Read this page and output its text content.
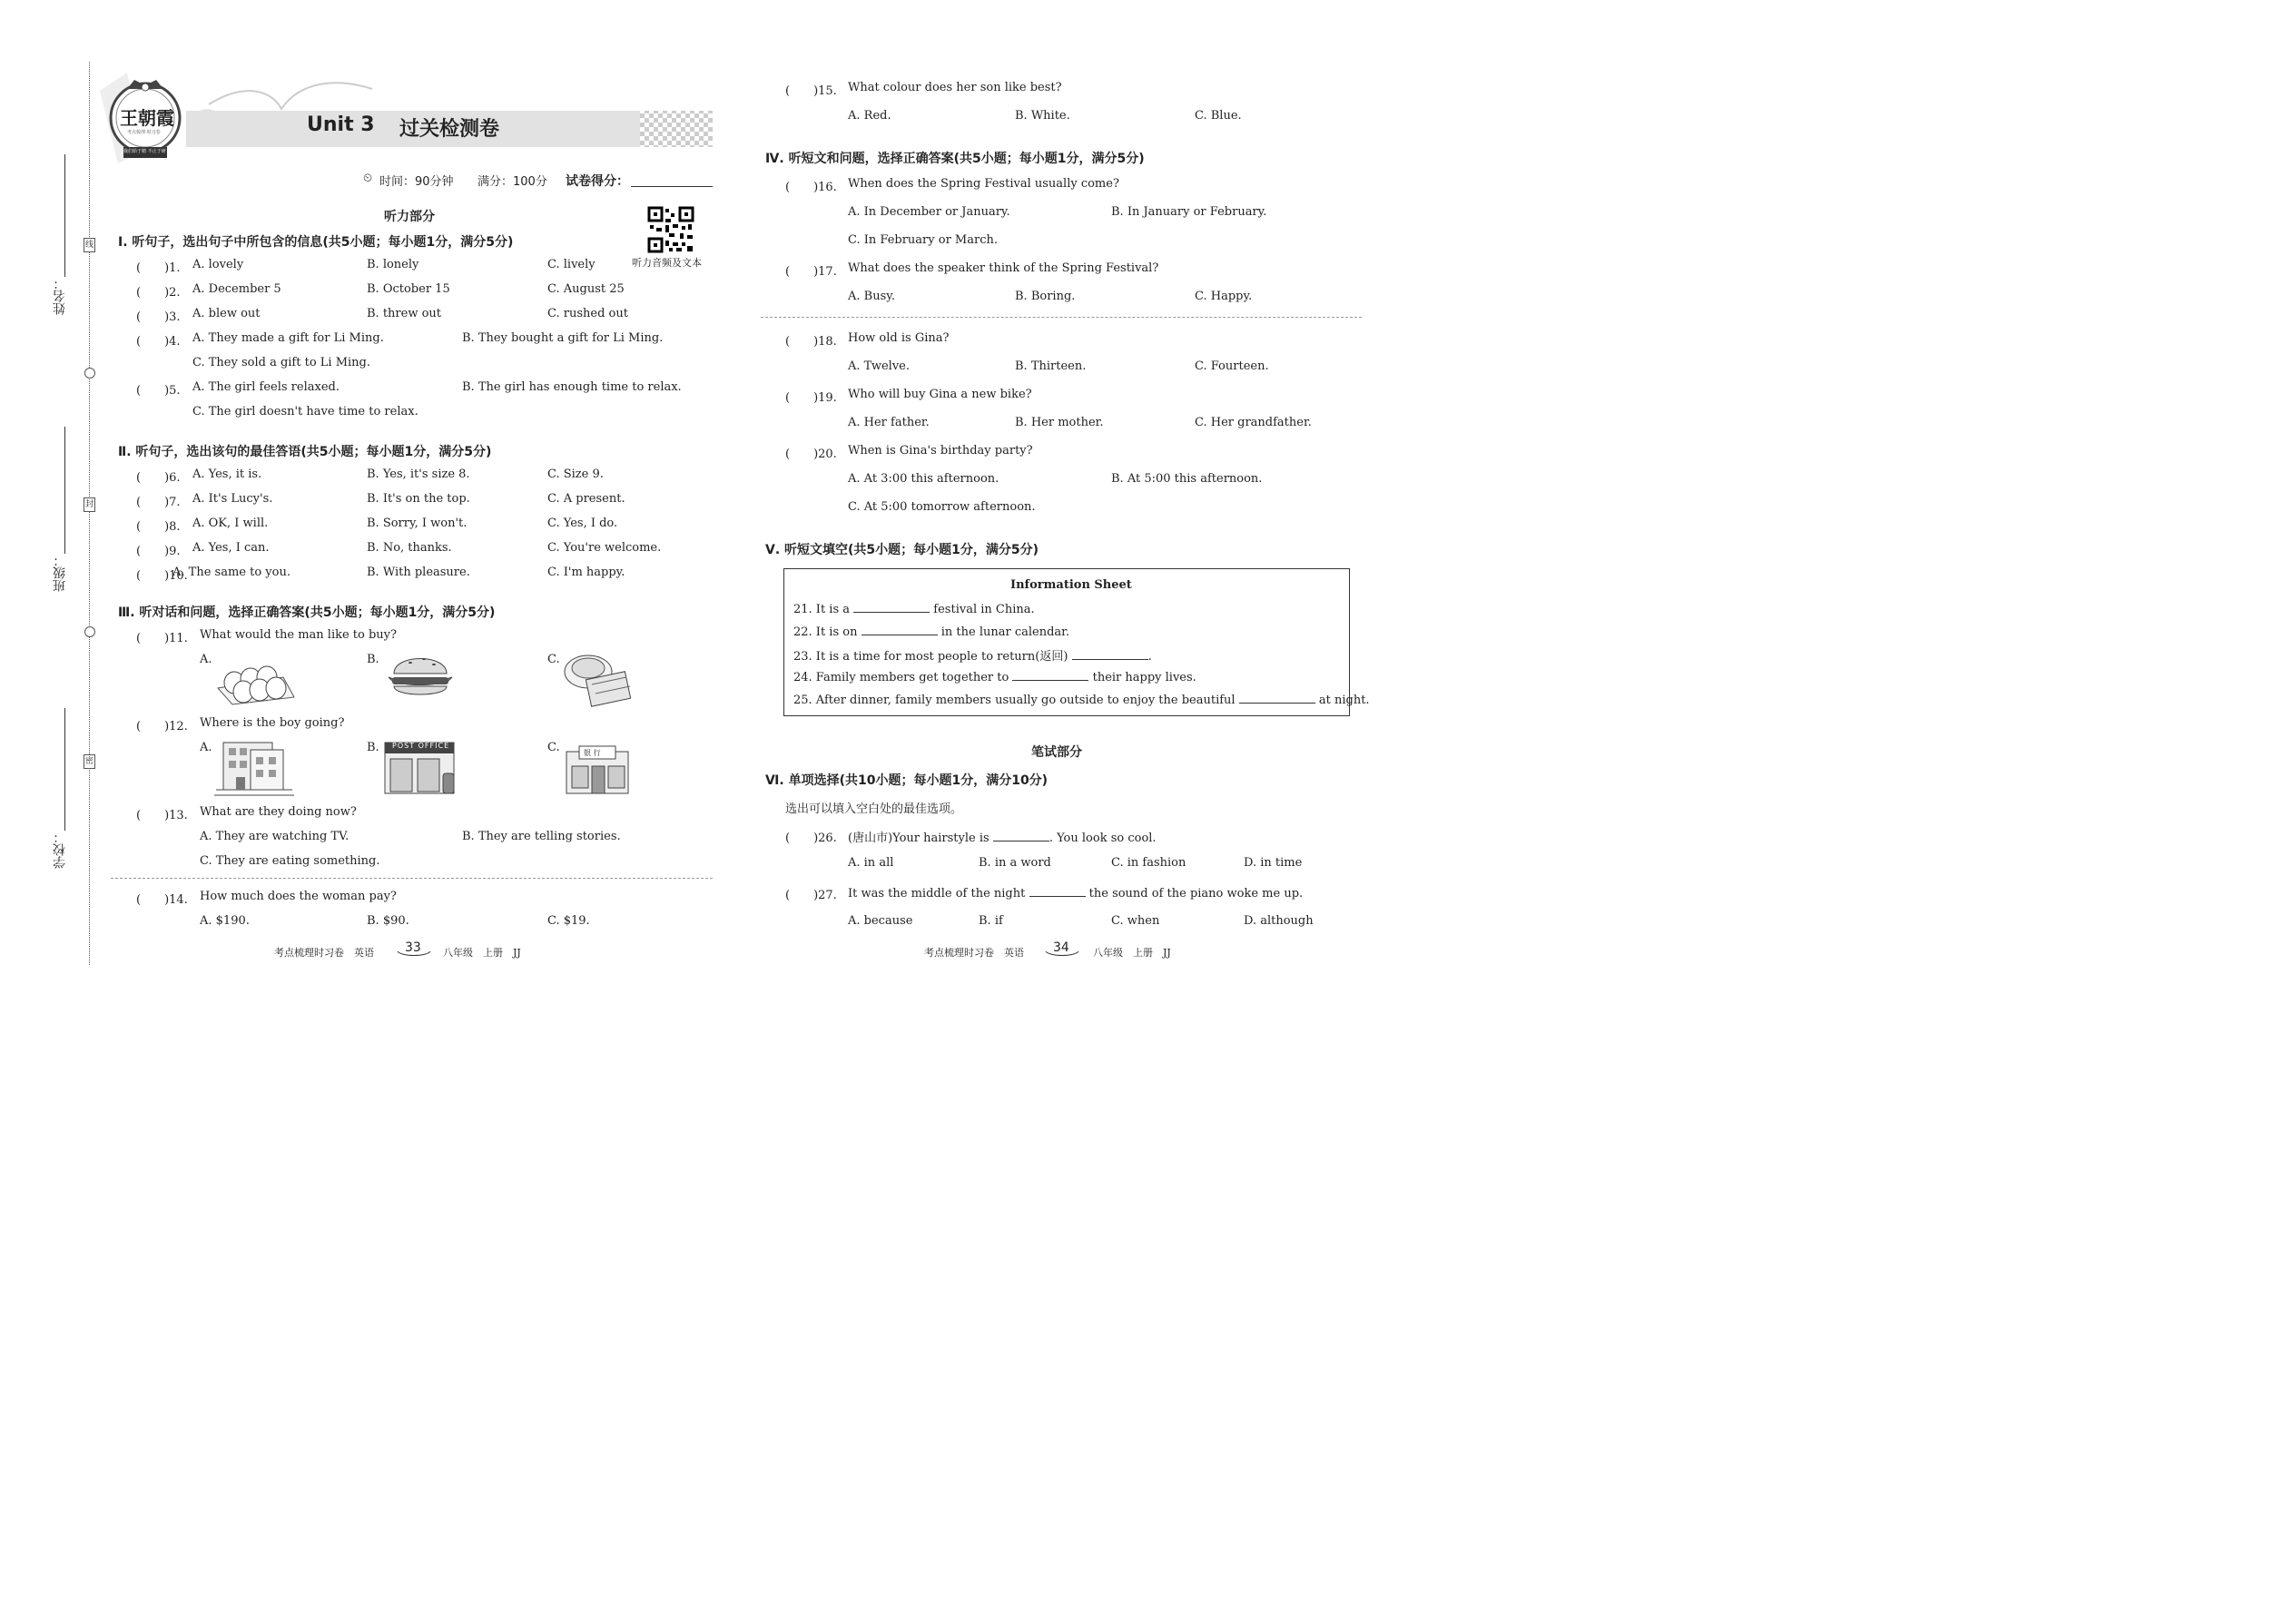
线
封
密
姓名：
班级：
学校：
王朝霞
考点梳理·时习卷
我们始于精 不止于研
Unit 3 过关检测卷
⏲ 时间：90分钟 满分：100分 试卷得分：
听力音频及文本
听力部分
Ⅰ. 听句子，选出句子中所包含的信息(共5小题；每小题1分，满分5分)
(　　)1. A. lovely	B. lonely	C. lively
(　　)2. A. December 5	B. October 15	C. August 25
(　　)3. A. blew out	B. threw out	C. rushed out
(　　)4. A. They made a gift for Li Ming.	B. They bought a gift for Li Ming.
C. They sold a gift to Li Ming.
(　　)5. A. The girl feels relaxed.	B. The girl has enough time to relax.
C. The girl doesn't have time to relax.
Ⅱ. 听句子，选出该句的最佳答语(共5小题；每小题1分，满分5分)
(　　)6. A. Yes, it is.	B. Yes, it's size 8.	C. Size 9.
(　　)7. A. It's Lucy's.	B. It's on the top.	C. A present.
(　　)8. A. OK, I will.	B. Sorry, I won't.	C. Yes, I do.
(　　)9. A. Yes, I can.	B. No, thanks.	C. You're welcome.
(　　)10.
A. The same to you.	B. With pleasure.	C. I'm happy.
Ⅲ. 听对话和问题，选择正确答案(共5小题；每小题1分，满分5分)
(　　)11. What would the man like to buy?
A.	B.	C.
(　　)12. Where is the boy going?
A.	B. POST OFFICE	C.	银 行
(　　)13. What are they doing now?
A. They are watching TV.	B. They are telling stories.
C. They are eating something.
(　　)14. How much does the woman pay?
A. $190.	B. $90.	C. $19.
考点梳理时习卷　英语 33 八年级　上册　JJ
(　　)15. What colour does her son like best?
A. Red.	B. White.	C. Blue.
Ⅳ. 听短文和问题，选择正确答案(共5小题；每小题1分，满分5分)
(　　)16. When does the Spring Festival usually come?
A. In December or January.	B. In January or February.
C. In February or March.
(　　)17. What does the speaker think of the Spring Festival?
A. Busy.	B. Boring.	C. Happy.
(　　)18. How old is Gina?
A. Twelve.	B. Thirteen.	C. Fourteen.
(　　)19. Who will buy Gina a new bike?
A. Her father.	B. Her mother.	C. Her grandfather.
(　　)20. When is Gina's birthday party?
A. At 3:00 this afternoon.	B. At 5:00 this afternoon.
C. At 5:00 tomorrow afternoon.
Ⅴ. 听短文填空(共5小题；每小题1分，满分5分)
Information Sheet
21. It is a	festival in China.
22. It is on	in the lunar calendar.
23. It is a time for most people to return(返回)	.
24. Family members get together to	their happy lives.
25. After dinner, family members usually go outside to enjoy the beautiful	at night.
笔试部分
Ⅵ. 单项选择(共10小题；每小题1分，满分10分)
选出可以填入空白处的最佳选项。
(　　)26. (唐山市)Your hairstyle is	. You look so cool.
A. in all	B. in a word	C. in fashion	D. in time
(　　)27. It was the middle of the night	the sound of the piano woke me up.
A. because	B. if	C. when	D. although
考点梳理时习卷　英语 34 八年级　上册　JJ
